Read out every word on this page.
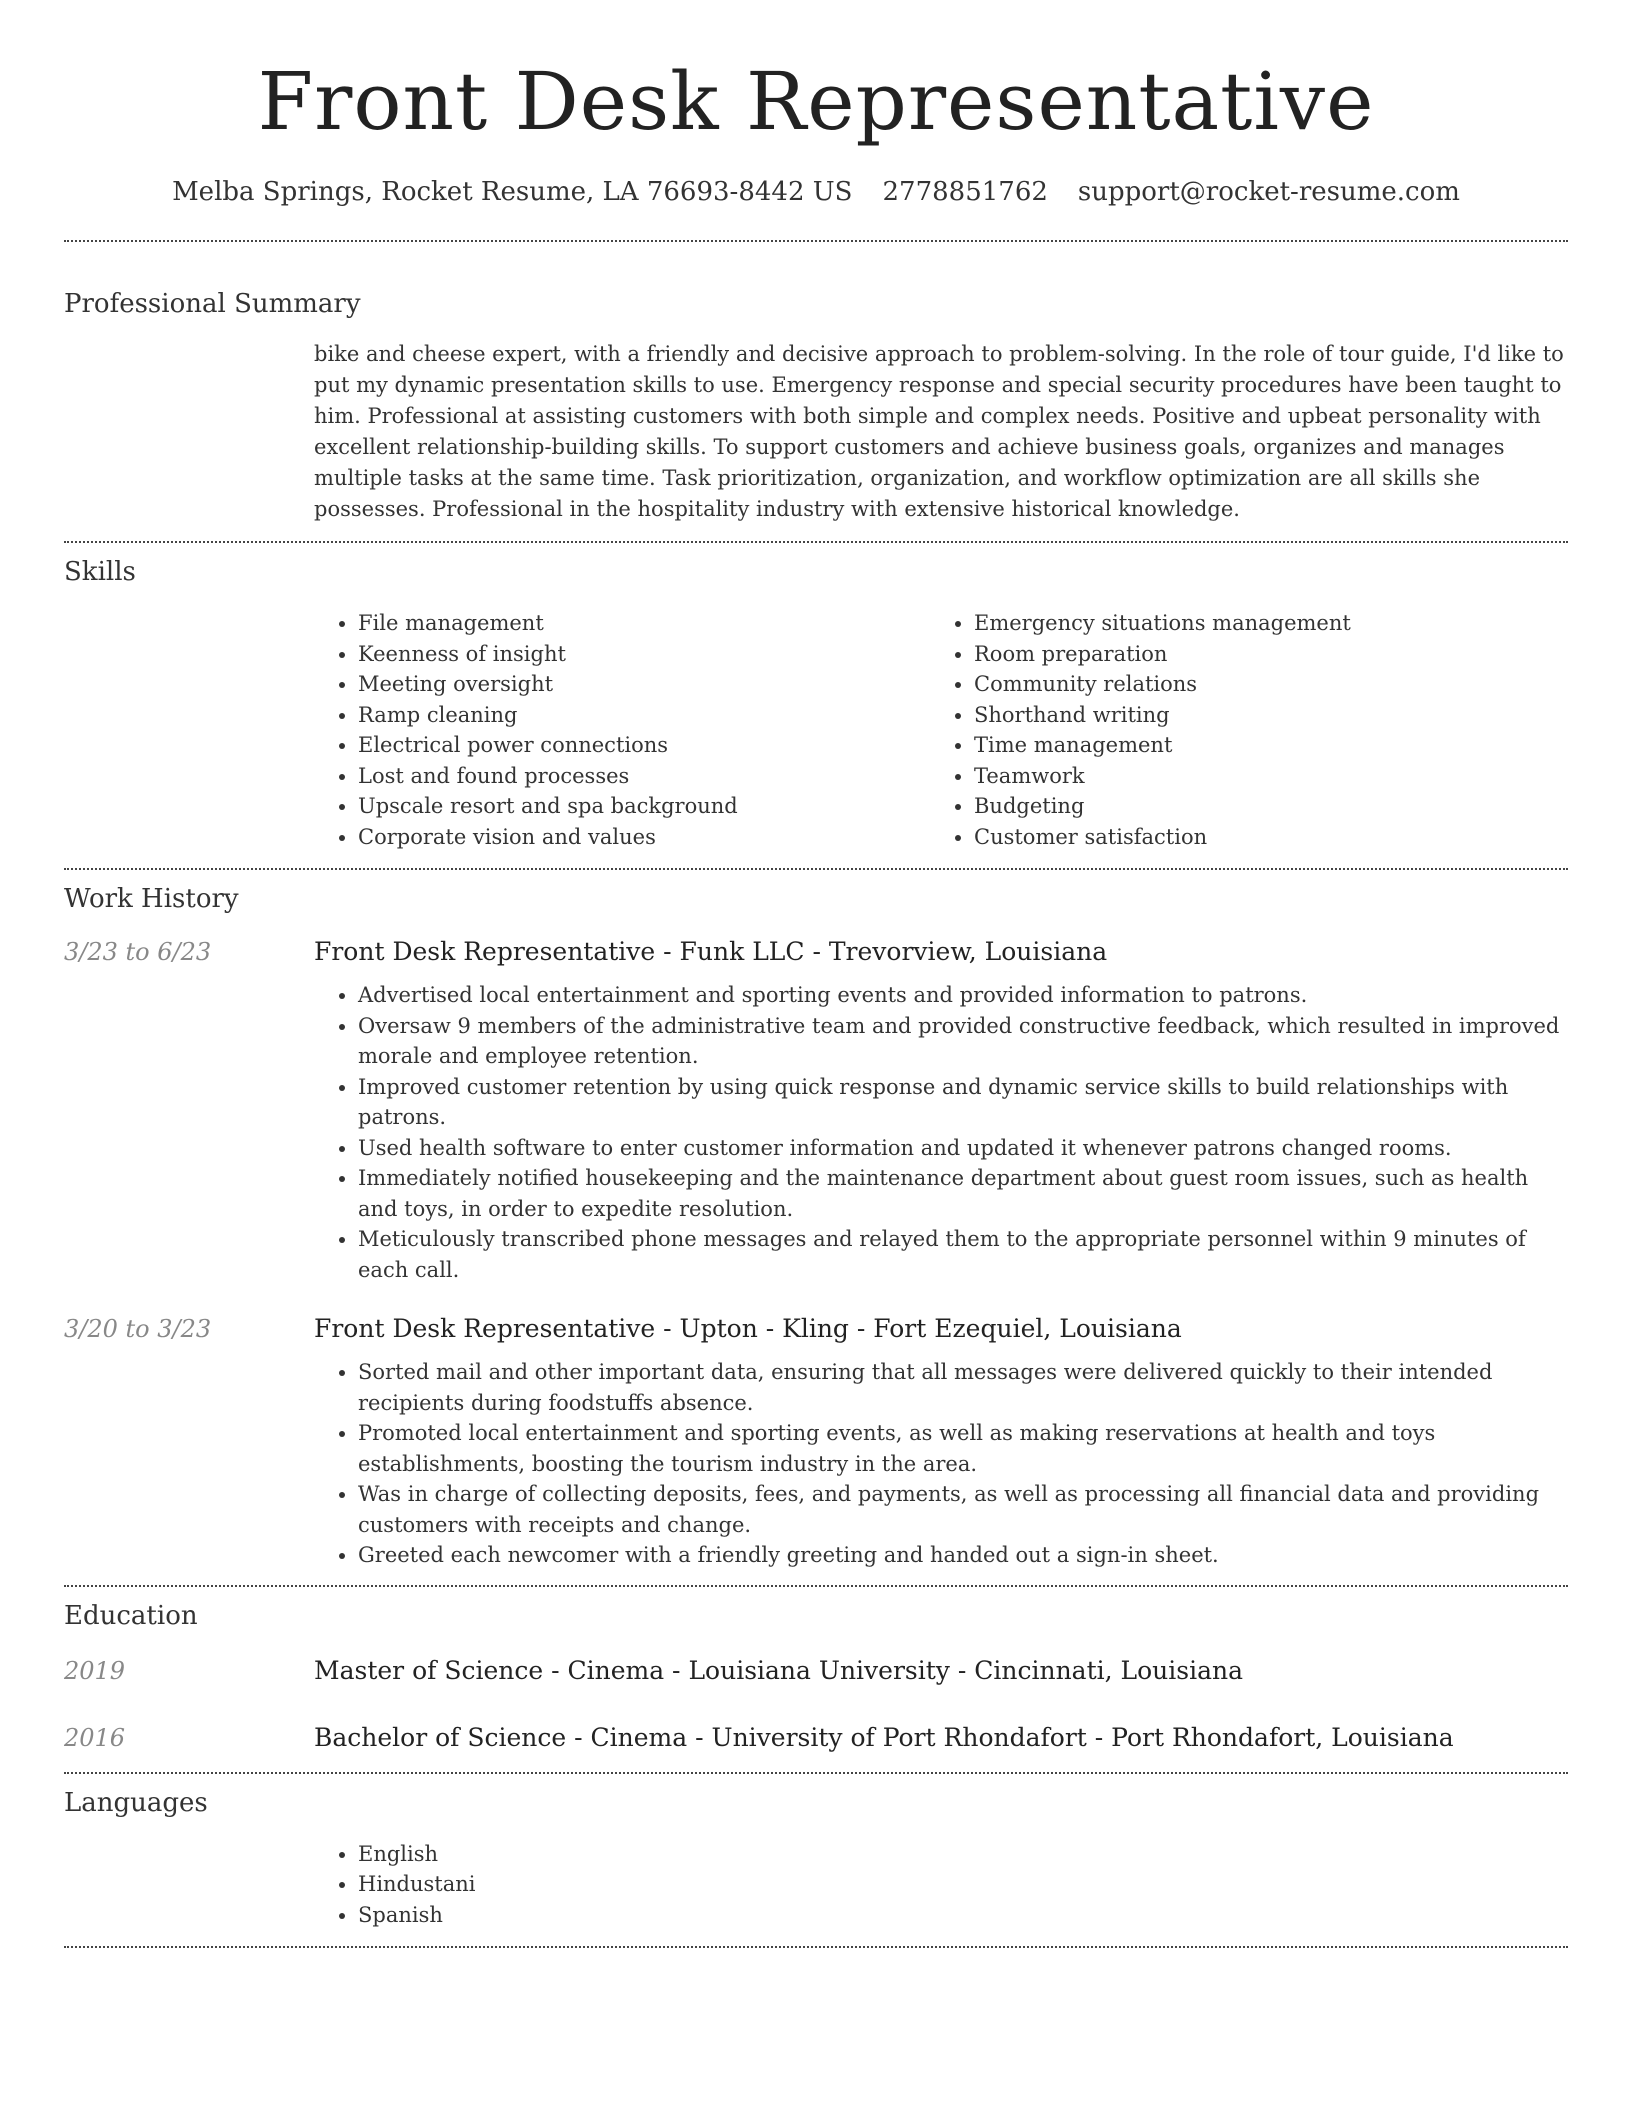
Front Desk Representative
Melba Springs, Rocket Resume, LA 76693-8442 US 2778851762 support@rocket-resume.com
Professional Summary

bike and cheese expert, with a friendly and decisive approach to problem-solving. In the role of tour guide, I'd like to put my dynamic presentation skills to use. Emergency response and special security procedures have been taught to him. Professional at assisting customers with both simple and complex needs. Positive and upbeat personality with excellent relationship-building skills. To support customers and achieve business goals, organizes and manages multiple tasks at the same time. Task prioritization, organization, and workflow optimization are all skills she possesses. Professional in the hospitality industry with extensive historical knowledge.

Skills
• File management
• Keenness of insight
• Meeting oversight
• Ramp cleaning
• Electrical power connections
• Lost and found processes
• Upscale resort and spa background
• Corporate vision and values
• Emergency situations management
• Room preparation
• Community relations
• Shorthand writing
• Time management
• Teamwork
• Budgeting
• Customer satisfaction
Work History
3/23 to 6/23	Front Desk Representative - Funk LLC - Trevorview, Louisiana
• Advertised local entertainment and sporting events and provided information to patrons.
• Oversaw 9 members of the administrative team and provided constructive feedback, which resulted in improved morale and employee retention.
• Improved customer retention by using quick response and dynamic service skills to build relationships with patrons.
• Used health software to enter customer information and updated it whenever patrons changed rooms.
• Immediately notified housekeeping and the maintenance department about guest room issues, such as health and toys, in order to expedite resolution.
• Meticulously transcribed phone messages and relayed them to the appropriate personnel within 9 minutes of each call.
3/20 to 3/23	Front Desk Representative - Upton - Kling - Fort Ezequiel, Louisiana
• Sorted mail and other important data, ensuring that all messages were delivered quickly to their intended recipients during foodstuffs absence.
• Promoted local entertainment and sporting events, as well as making reservations at health and toys establishments, boosting the tourism industry in the area.
• Was in charge of collecting deposits, fees, and payments, as well as processing all financial data and providing customers with receipts and change.
• Greeted each newcomer with a friendly greeting and handed out a sign-in sheet.
Education
2019	Master of Science - Cinema - Louisiana University - Cincinnati, Louisiana
2016	Bachelor of Science - Cinema - University of Port Rhondafort - Port Rhondafort, Louisiana
Languages
• English
• Hindustani
• Spanish
